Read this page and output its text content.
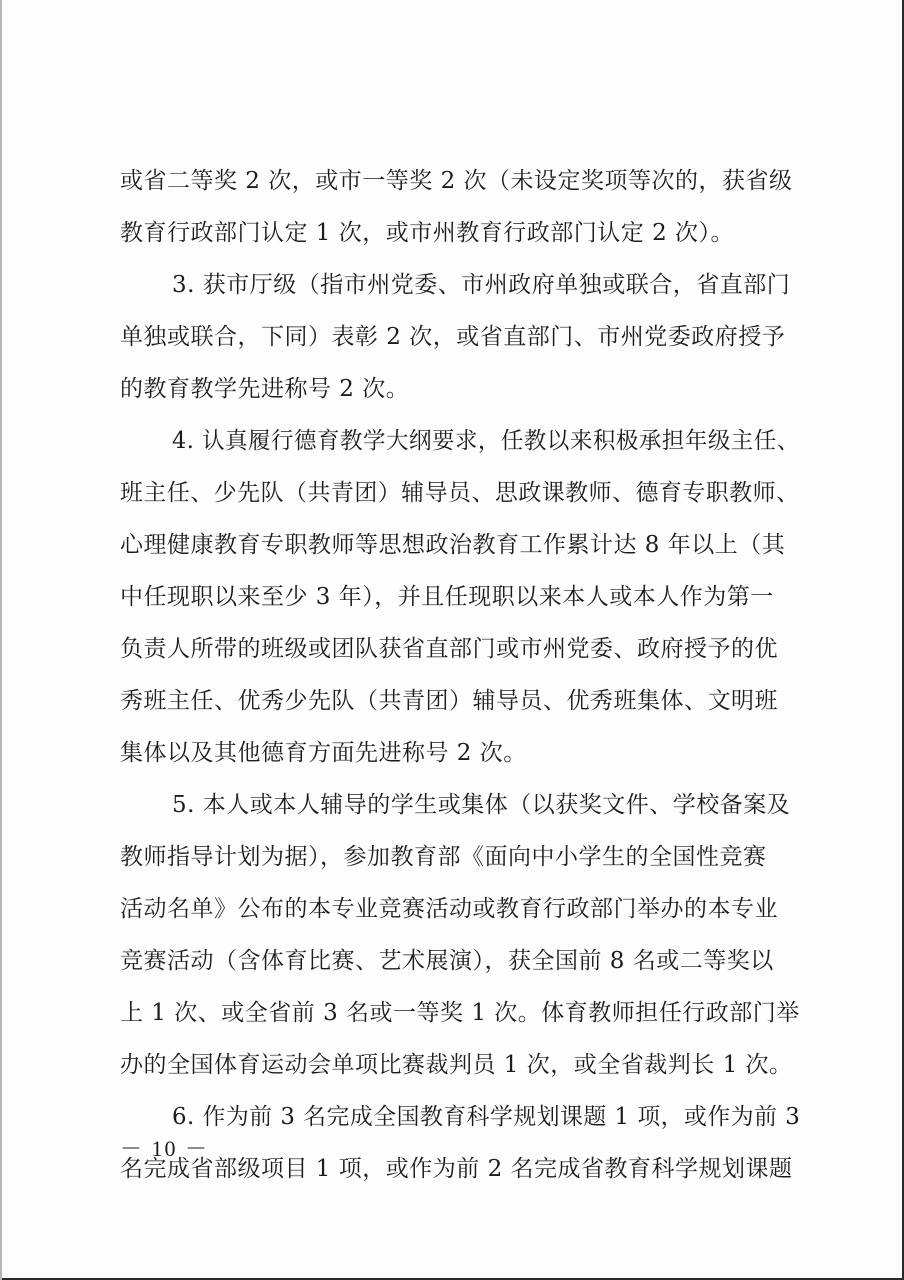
或省二等奖 2 次，或市一等奖 2 次（未设定奖项等次的，获省级
教育行政部门认定 1 次，或市州教育行政部门认定 2 次）。
3. 获市厅级（指市州党委、市州政府单独或联合，省直部门
单独或联合，下同）表彰 2 次，或省直部门、市州党委政府授予
的教育教学先进称号 2 次。
4. 认真履行德育教学大纲要求，任教以来积极承担年级主任、
班主任、少先队（共青团）辅导员、思政课教师、德育专职教师、
心理健康教育专职教师等思想政治教育工作累计达 8 年以上（其
中任现职以来至少 3 年），并且任现职以来本人或本人作为第一
负责人所带的班级或团队获省直部门或市州党委、政府授予的优
秀班主任、优秀少先队（共青团）辅导员、优秀班集体、文明班
集体以及其他德育方面先进称号 2 次。
5. 本人或本人辅导的学生或集体（以获奖文件、学校备案及
教师指导计划为据），参加教育部《面向中小学生的全国性竞赛
活动名单》公布的本专业竞赛活动或教育行政部门举办的本专业
竞赛活动（含体育比赛、艺术展演），获全国前 8 名或二等奖以
上 1 次、或全省前 3 名或一等奖 1 次。体育教师担任行政部门举
办的全国体育运动会单项比赛裁判员 1 次，或全省裁判长 1 次。
6. 作为前 3 名完成全国教育科学规划课题 1 项，或作为前 3
名完成省部级项目 1 项，或作为前 2 名完成省教育科学规划课题
－ 10 －
